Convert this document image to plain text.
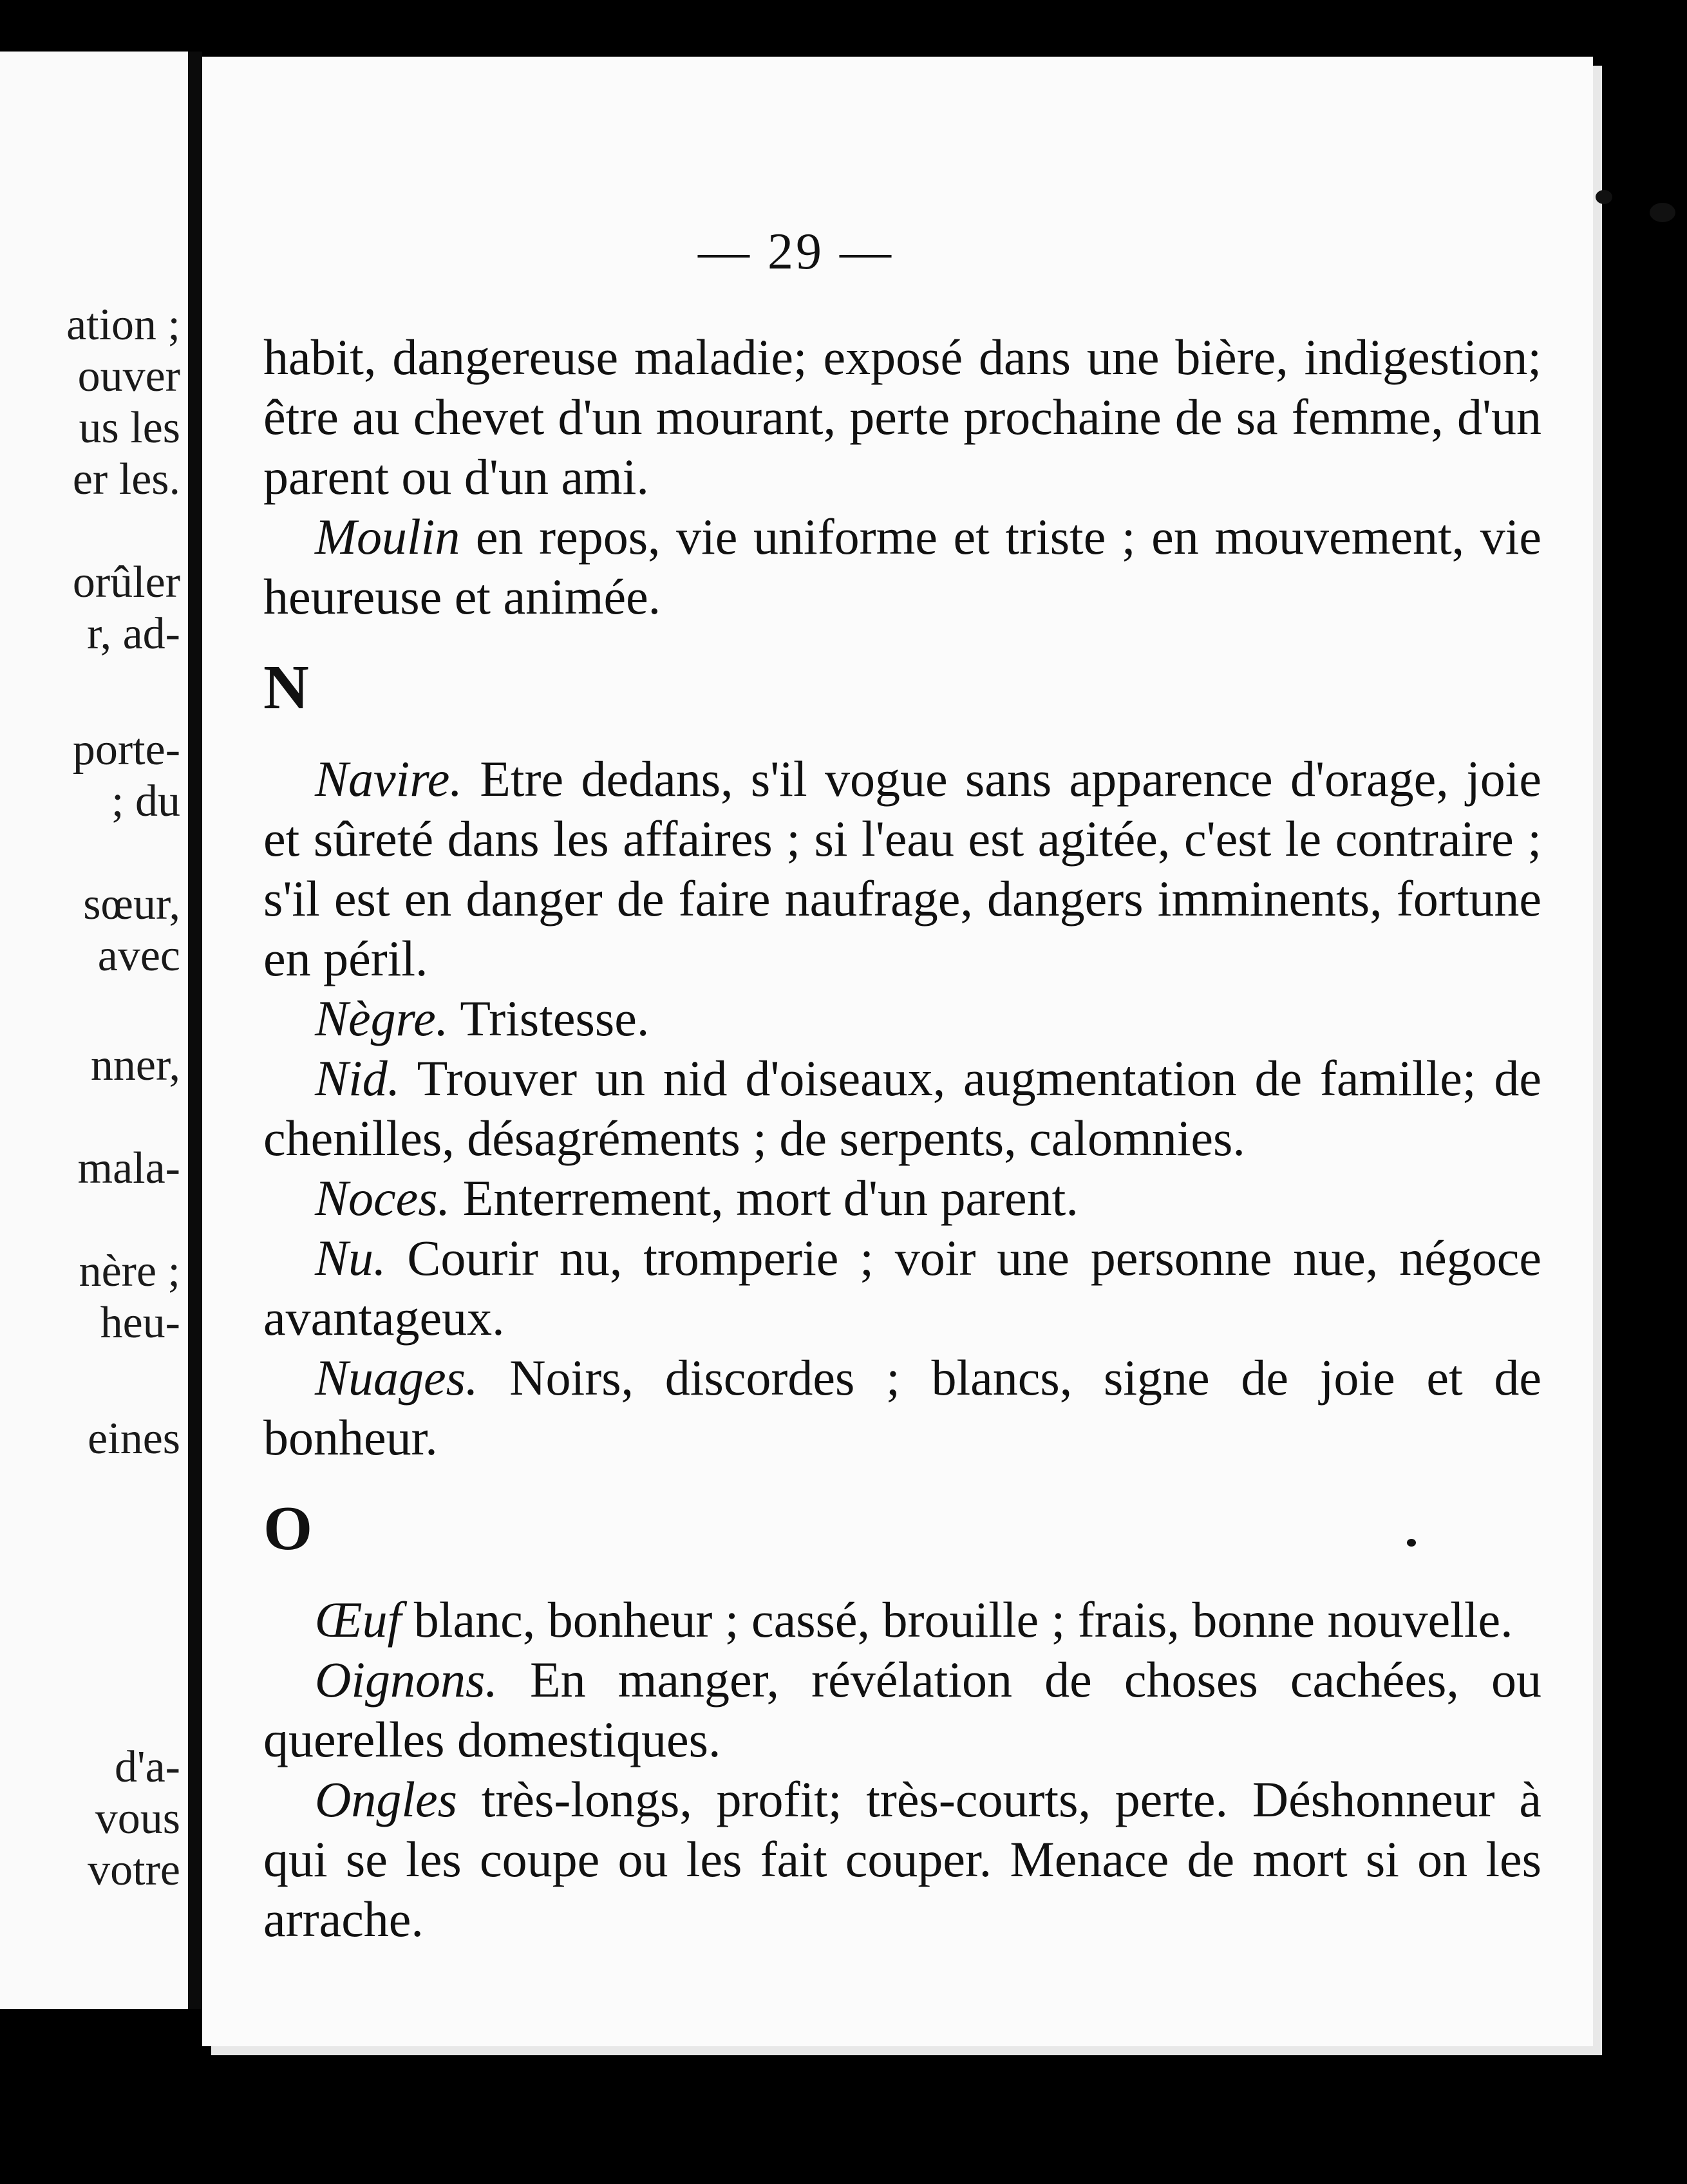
ation ;
ouver
us les
er les.
orûler
r, ad-
porte-
; du
sœur,
avec
nner,
mala-
nère ;
heu-
eines
d'a-
vous
votre
— 29 —

habit, dangereuse maladie; exposé dans une bière, indigestion; être au chevet d'un mourant, perte prochaine de sa femme, d'un parent ou d'un ami.

Moulin en repos, vie uniforme et triste ; en mouvement, vie heureuse et animée.

N

Navire. Etre dedans, s'il vogue sans apparence d'orage, joie et sûreté dans les affaires ; si l'eau est agitée, c'est le contraire ; s'il est en danger de faire naufrage, dangers imminents, fortune en péril.

Nègre. Tristesse.

Nid. Trouver un nid d'oiseaux, augmentation de famille; de chenilles, désagréments ; de serpents, calomnies.

Noces. Enterrement, mort d'un parent.

Nu. Courir nu, tromperie ; voir une personne nue, négoce avantageux.

Nuages. Noirs, discordes ; blancs, signe de joie et de bonheur.

O

Œuf blanc, bonheur ; cassé, brouille ; frais, bonne nouvelle.

Oignons. En manger, révélation de choses cachées, ou querelles domestiques.

Ongles très-longs, profit; très-courts, perte. Déshonneur à qui se les coupe ou les fait couper. Menace de mort si on les arrache.
